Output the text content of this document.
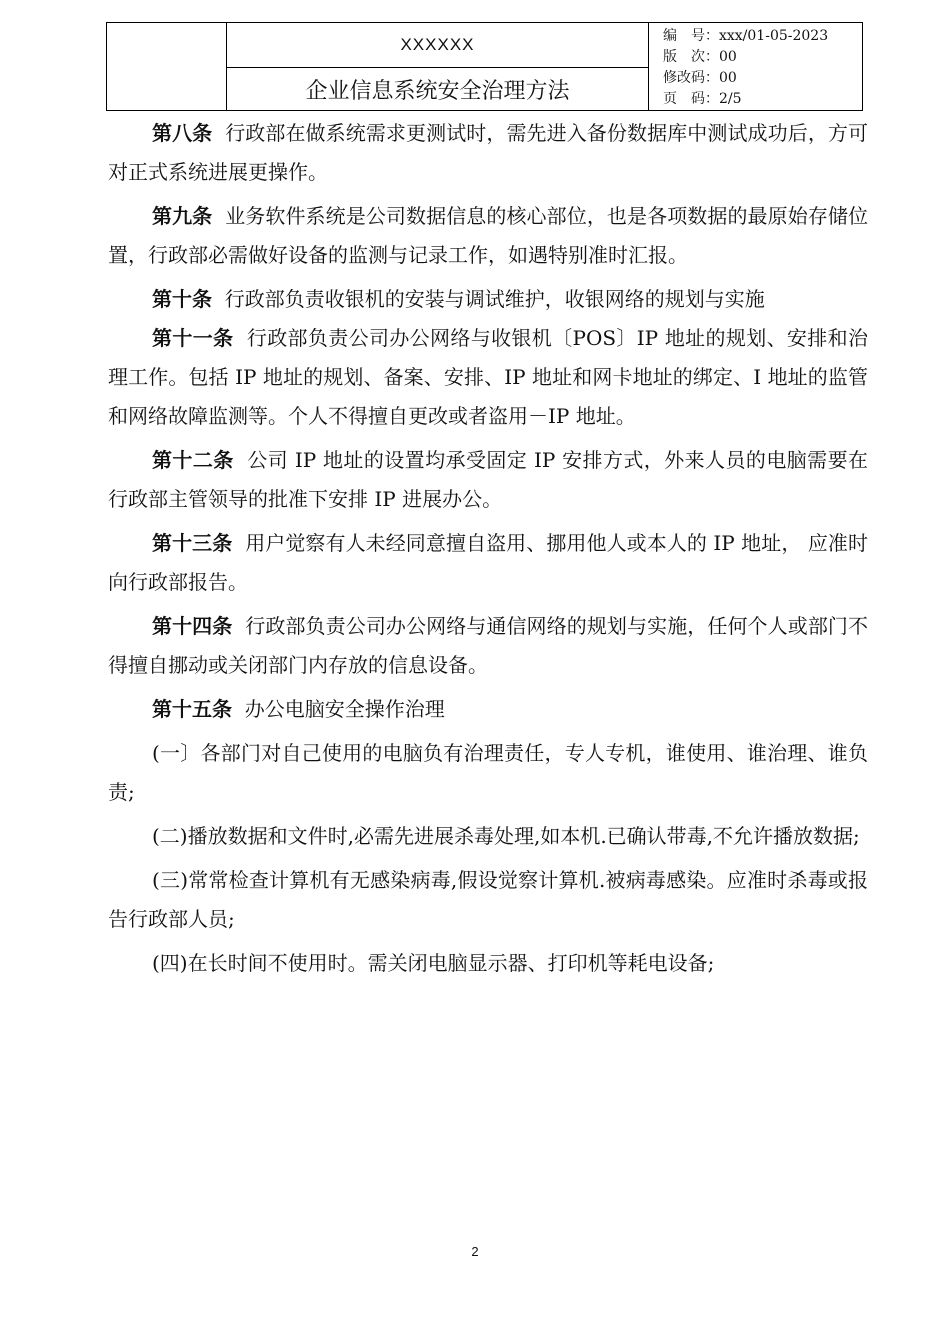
XXXXXX
企业信息系统安全治理方法
编　号：xxx/01-05-2023
版　次：00
修改码：00
页　码：2/5

第八条 行政部在做系统需求更测试时，需先进入备份数据库中测试成功后，方可对正式系统进展更操作。

第九条 业务软件系统是公司数据信息的核心部位，也是各项数据的最原始存储位置，行政部必需做好设备的监测与记录工作，如遇特别准时汇报。

第十条 行政部负责收银机的安装与调试维护，收银网络的规划与实施

第十一条 行政部负责公司办公网络与收银机〔POS〕IP 地址的规划、安排和治理工作。包括 IP 地址的规划、备案、安排、IP 地址和网卡地址的绑定、I 地址的监管和网络故障监测等。个人不得擅自更改或者盗用－IP 地址。

第十二条 公司 IP 地址的设置均承受固定 IP 安排方式，外来人员的电脑需要在行政部主管领导的批准下安排 IP 进展办公。

第十三条 用户觉察有人未经同意擅自盗用、挪用他人或本人的 IP 地址， 应准时向行政部报告。

第十四条 行政部负责公司办公网络与通信网络的规划与实施，任何个人或部门不得擅自挪动或关闭部门内存放的信息设备。

第十五条 办公电脑安全操作治理

(一〕各部门对自己使用的电脑负有治理责任，专人专机，谁使用、谁治理、谁负责;

(二)播放数据和文件时,必需先进展杀毒处理,如本机.已确认带毒,不允许播放数据;

(三)常常检查计算机有无感染病毒,假设觉察计算机.被病毒感染。应准时杀毒或报告行政部人员;

(四)在长时间不使用时。需关闭电脑显示器、打印机等耗电设备;

2
